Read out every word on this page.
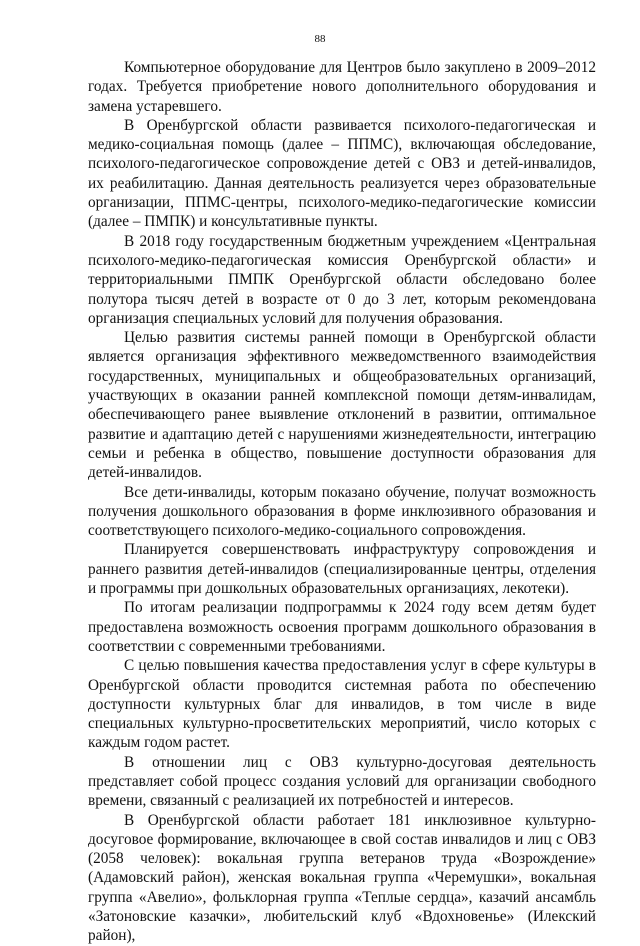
88

Компьютерное оборудование для Центров было закуплено в 2009–2012 годах. Требуется приобретение нового дополнительного оборудования и замена устаревшего.

В Оренбургской области развивается психолого-педагогическая и медико-социальная помощь (далее – ППМС), включающая обследование, психолого-педагогическое сопровождение детей с ОВЗ и детей-инвалидов, их реабилитацию. Данная деятельность реализуется через образовательные организации, ППМС-центры, психолого-медико-педагогические комиссии (далее – ПМПК) и консультативные пункты.

В 2018 году государственным бюджетным учреждением «Центральная психолого-медико-педагогическая комиссия Оренбургской области» и территориальными ПМПК Оренбургской области обследовано более полутора тысяч детей в возрасте от 0 до 3 лет, которым рекомендована организация специальных условий для получения образования.

Целью развития системы ранней помощи в Оренбургской области является организация эффективного межведомственного взаимодействия государственных, муниципальных и общеобразовательных организаций, участвующих в оказании ранней комплексной помощи детям-инвалидам, обеспечивающего ранее выявление отклонений в развитии, оптимальное развитие и адаптацию детей с нарушениями жизнедеятельности, интеграцию семьи и ребенка в общество, повышение доступности образования для детей-инвалидов.

Все дети-инвалиды, которым показано обучение, получат возможность получения дошкольного образования в форме инклюзивного образования и соответствующего психолого-медико-социального сопровождения.

Планируется совершенствовать инфраструктуру сопровождения и раннего развития детей-инвалидов (специализированные центры, отделения и программы при дошкольных образовательных организациях, лекотеки).

По итогам реализации подпрограммы к 2024 году всем детям будет предоставлена возможность освоения программ дошкольного образования в соответствии с современными требованиями.

С целью повышения качества предоставления услуг в сфере культуры в Оренбургской области проводится системная работа по обеспечению доступности культурных благ для инвалидов, в том числе в виде специальных культурно-просветительских мероприятий, число которых с каждым годом растет.

В отношении лиц с ОВЗ культурно-досуговая деятельность представляет собой процесс создания условий для организации свободного времени, связанный с реализацией их потребностей и интересов.

В Оренбургской области работает 181 инклюзивное культурно-досуговое формирование, включающее в свой состав инвалидов и лиц с ОВЗ (2058 человек): вокальная группа ветеранов труда «Возрождение» (Адамовский район), женская вокальная группа «Черемушки», вокальная группа «Авелио», фольклорная группа «Теплые сердца», казачий ансамбль «Затоновские казачки», любительский клуб «Вдохновенье» (Илекский район),
